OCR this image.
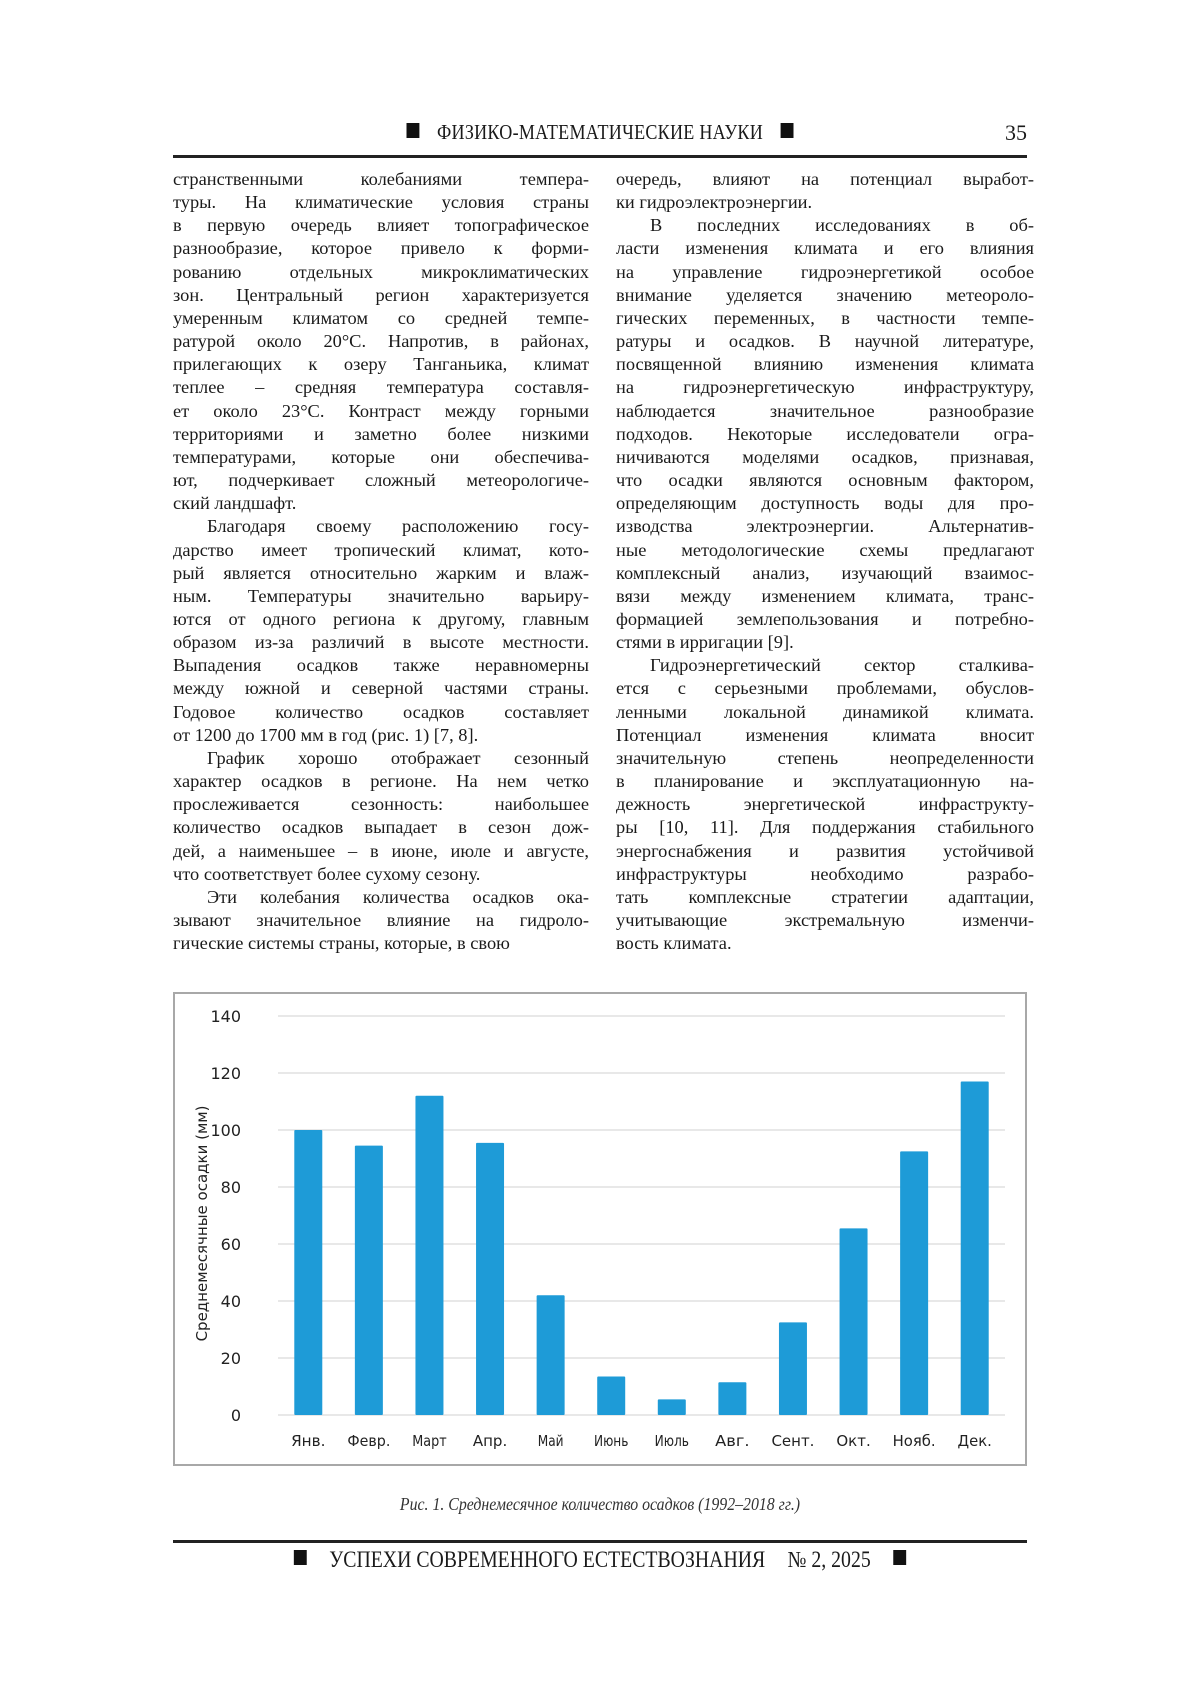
ФИЗИКО-МАТЕМАТИЧЕСКИЕ НАУКИ	35

странственными колебаниями темпера-
туры. На климатические условия страны
в первую очередь влияет топографическое
разнообразие, которое привело к форми-
рованию отдельных микроклиматических
зон. Центральный регион характеризуется
умеренным климатом со средней темпе-
ратурой около 20°С. Напротив, в районах,
прилегающих к озеру Танганьика, климат
теплее – средняя температура составля-
ет около 23°С. Контраст между горными
территориями и заметно более низкими
температурами, которые они обеспечива-
ют, подчеркивает сложный метеорологиче-
ский ландшафт.

Благодаря своему расположению госу-
дарство имеет тропический климат, кото-
рый является относительно жарким и влаж-
ным. Температуры значительно варьиру-
ются от одного региона к другому, главным
образом из-за различий в высоте местности.
Выпадения осадков также неравномерны
между южной и северной частями страны.
Годовое количество осадков составляет
от 1200 до 1700 мм в год (рис. 1) [7, 8].

График хорошо отображает сезонный
характер осадков в регионе. На нем четко
прослеживается сезонность: наибольшее
количество осадков выпадает в сезон дож-
дей, а наименьшее – в июне, июле и августе,
что соответствует более сухому сезону.

Эти колебания количества осадков ока-
зывают значительное влияние на гидроло-
гические системы страны, которые, в свою

очередь, влияют на потенциал выработ-
ки гидроэлектроэнергии.

В последних исследованиях в об-
ласти изменения климата и его влияния
на управление гидроэнергетикой особое
внимание уделяется значению метеороло-
гических переменных, в частности темпе-
ратуры и осадков. В научной литературе,
посвященной влиянию изменения климата
на гидроэнергетическую инфраструктуру,
наблюдается значительное разнообразие
подходов. Некоторые исследователи огра-
ничиваются моделями осадков, признавая,
что осадки являются основным фактором,
определяющим доступность воды для про-
изводства электроэнергии. Альтернатив-
ные методологические схемы предлагают
комплексный анализ, изучающий взаимос-
вязи между изменением климата, транс-
формацией землепользования и потребно-
стями в ирригации [9].

Гидроэнергетический сектор сталкива-
ется с серьезными проблемами, обуслов-
ленными локальной динамикой климата.
Потенциал изменения климата вносит
значительную степень неопределенности
в планирование и эксплуатационную на-
дежность энергетической инфраструкту-
ры [10, 11]. Для поддержания стабильного
энергоснабжения и развития устойчивой
инфраструктуры необходимо разрабо-
тать комплексные стратегии адаптации,
учитывающие экстремальную изменчи-
вость климата.

0
20
40
60
80
100
120
140
Янв. Февр. Март Апр. Май Июнь Июль Авг. Сент. Окт. Нояб. Дек.
Среднемесячные осадки (мм)
Рис. 1. Среднемесячное количество осадков (1992–2018 гг.)
УСПЕХИ СОВРЕМЕННОГО ЕСТЕСТВОЗНАНИЯ № 2, 2025
